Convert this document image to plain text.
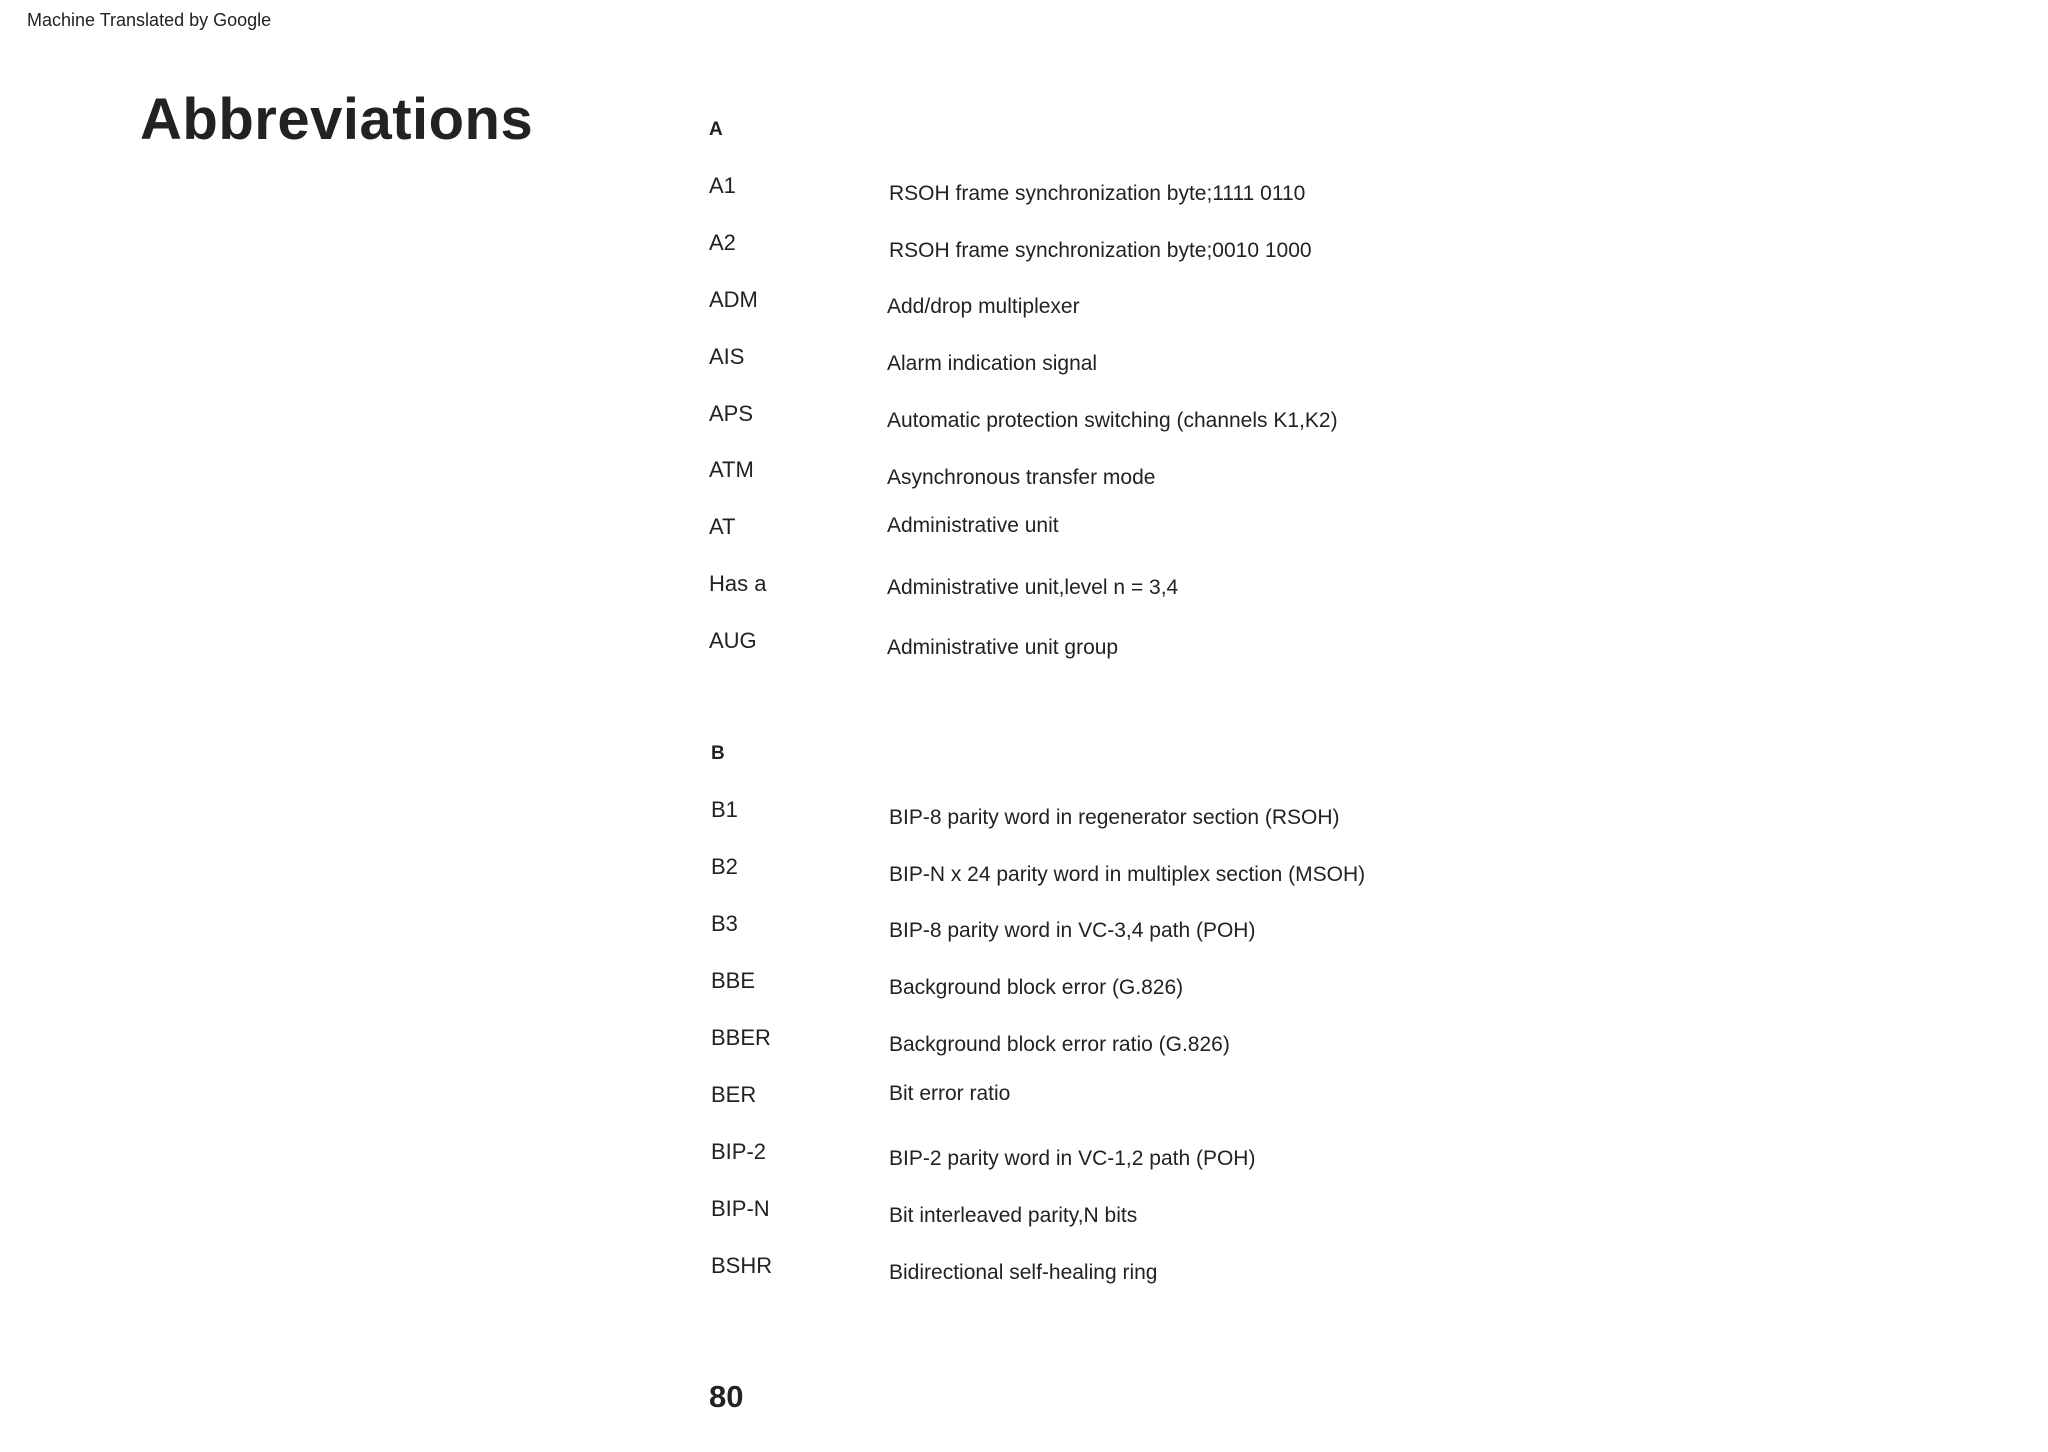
Machine Translated by Google
Abbreviations	A
A1	RSOH frame synchronization byte;1111 0110
A2	RSOH frame synchronization byte;0010 1000
ADM	Add/drop multiplexer
AIS	Alarm indication signal
APS	Automatic protection switching (channels K1,K2)
ATM	Asynchronous transfer mode
AT	Administrative unit
Has a	Administrative unit,level n = 3,4
AUG	Administrative unit group
B
B1	BIP-8 parity word in regenerator section (RSOH)
B2	BIP-N x 24 parity word in multiplex section (MSOH)
B3	BIP-8 parity word in VC-3,4 path (POH)
BBE	Background block error (G.826)
BBER	Background block error ratio (G.826)
BER	Bit error ratio
BIP-2	BIP-2 parity word in VC-1,2 path (POH)
BIP-N	Bit interleaved parity,N bits
BSHR	Bidirectional self-healing ring
80
